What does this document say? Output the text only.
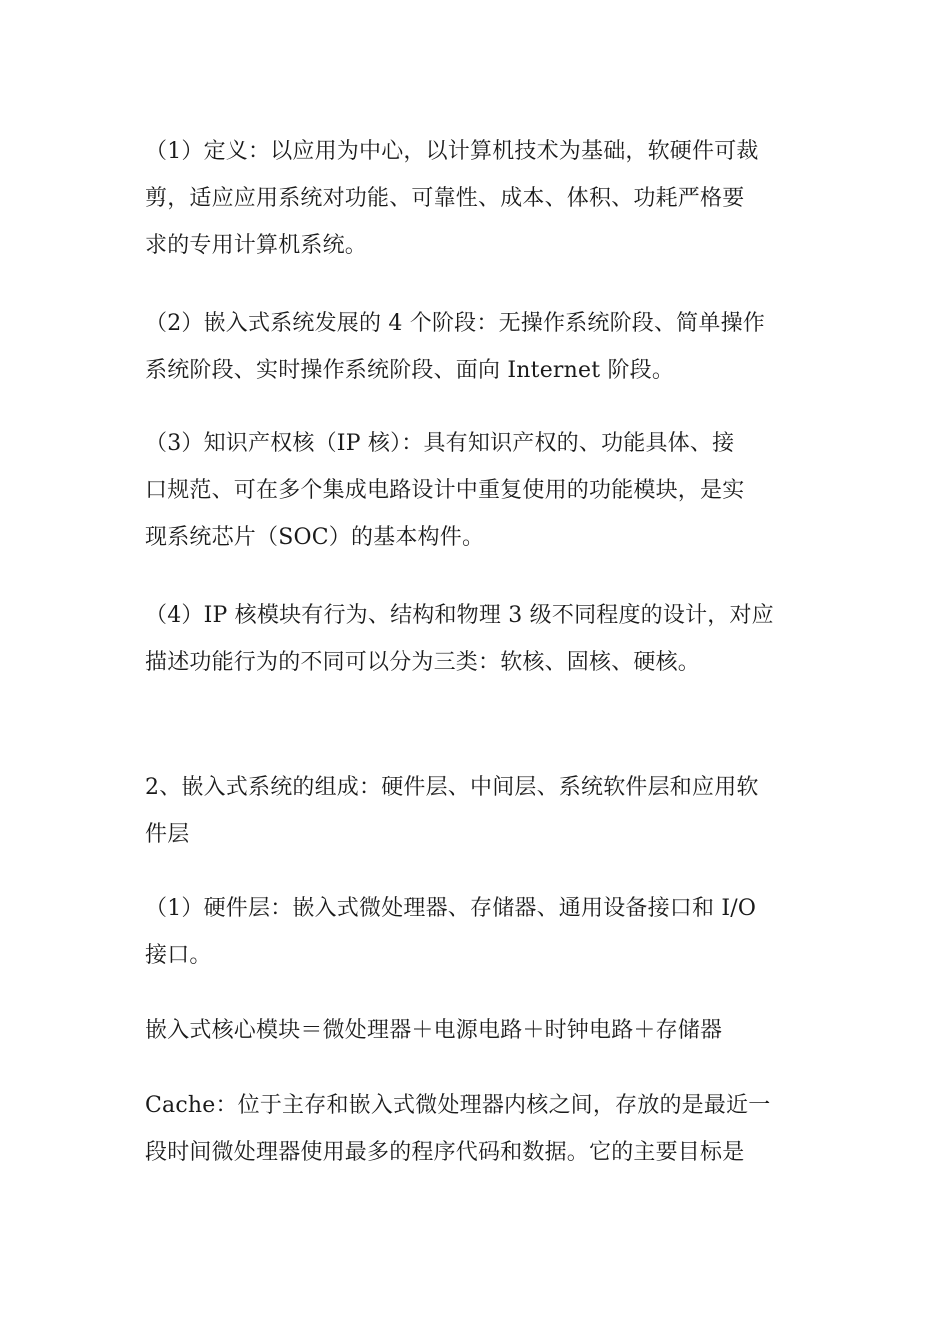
（1）定义：以应用为中心，以计算机技术为基础，软硬件可裁
剪，适应应用系统对功能、可靠性、成本、体积、功耗严格要
求的专用计算机系统。
（2）嵌入式系统发展的 4 个阶段：无操作系统阶段、简单操作
系统阶段、实时操作系统阶段、面向 Internet 阶段。
（3）知识产权核（IP 核）：具有知识产权的、功能具体、接
口规范、可在多个集成电路设计中重复使用的功能模块，是实
现系统芯片（SOC）的基本构件。
（4）IP 核模块有行为、结构和物理 3 级不同程度的设计，对应
描述功能行为的不同可以分为三类：软核、固核、硬核。
2、嵌入式系统的组成：硬件层、中间层、系统软件层和应用软
件层
（1）硬件层：嵌入式微处理器、存储器、通用设备接口和 I/O
接口。
嵌入式核心模块＝微处理器＋电源电路＋时钟电路＋存储器
Cache：位于主存和嵌入式微处理器内核之间，存放的是最近一
段时间微处理器使用最多的程序代码和数据。它的主要目标是
